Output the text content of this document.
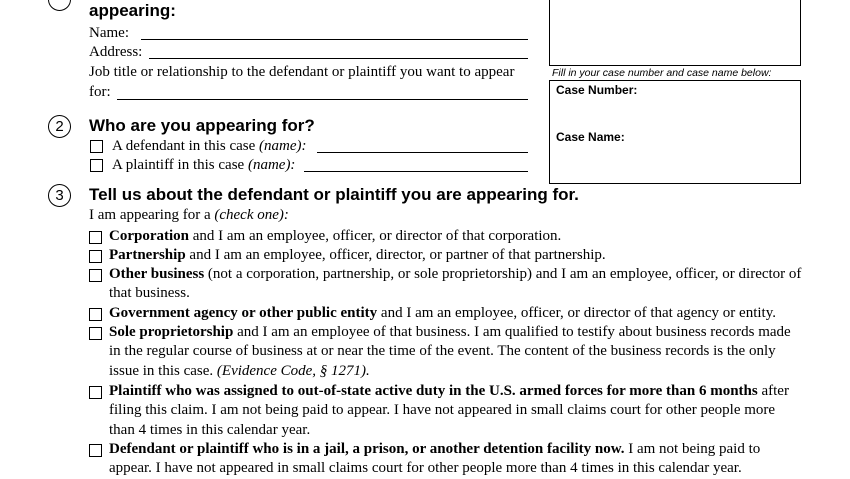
appearing:
Name:
Address:
Job title or relationship to the defendant or plaintiff you want to appear
for:
Fill in your case number and case name below:
Case Number:
Case Name:
2	Who are you appearing for?
A defendant in this case (name):
A plaintiff in this case (name):
3	Tell us about the defendant or plaintiff you are appearing for.
I am appearing for a (check one):
Corporation and I am an employee, officer, or director of that corporation.
Partnership and I am an employee, officer, director, or partner of that partnership.
Other business (not a corporation, partnership, or sole proprietorship) and I am an employee, officer, or director of that business.
Government agency or other public entity and I am an employee, officer, or director of that agency or entity.
Sole proprietorship and I am an employee of that business. I am qualified to testify about business records made in the regular course of business at or near the time of the event. The content of the business records is the only issue in this case. (Evidence Code, § 1271).
Plaintiff who was assigned to out-of-state active duty in the U.S. armed forces for more than 6 months after filing this claim. I am not being paid to appear. I have not appeared in small claims court for other people more than 4 times in this calendar year.
Defendant or plaintiff who is in a jail, a prison, or another detention facility now. I am not being paid to appear. I have not appeared in small claims court for other people more than 4 times in this calendar year.
